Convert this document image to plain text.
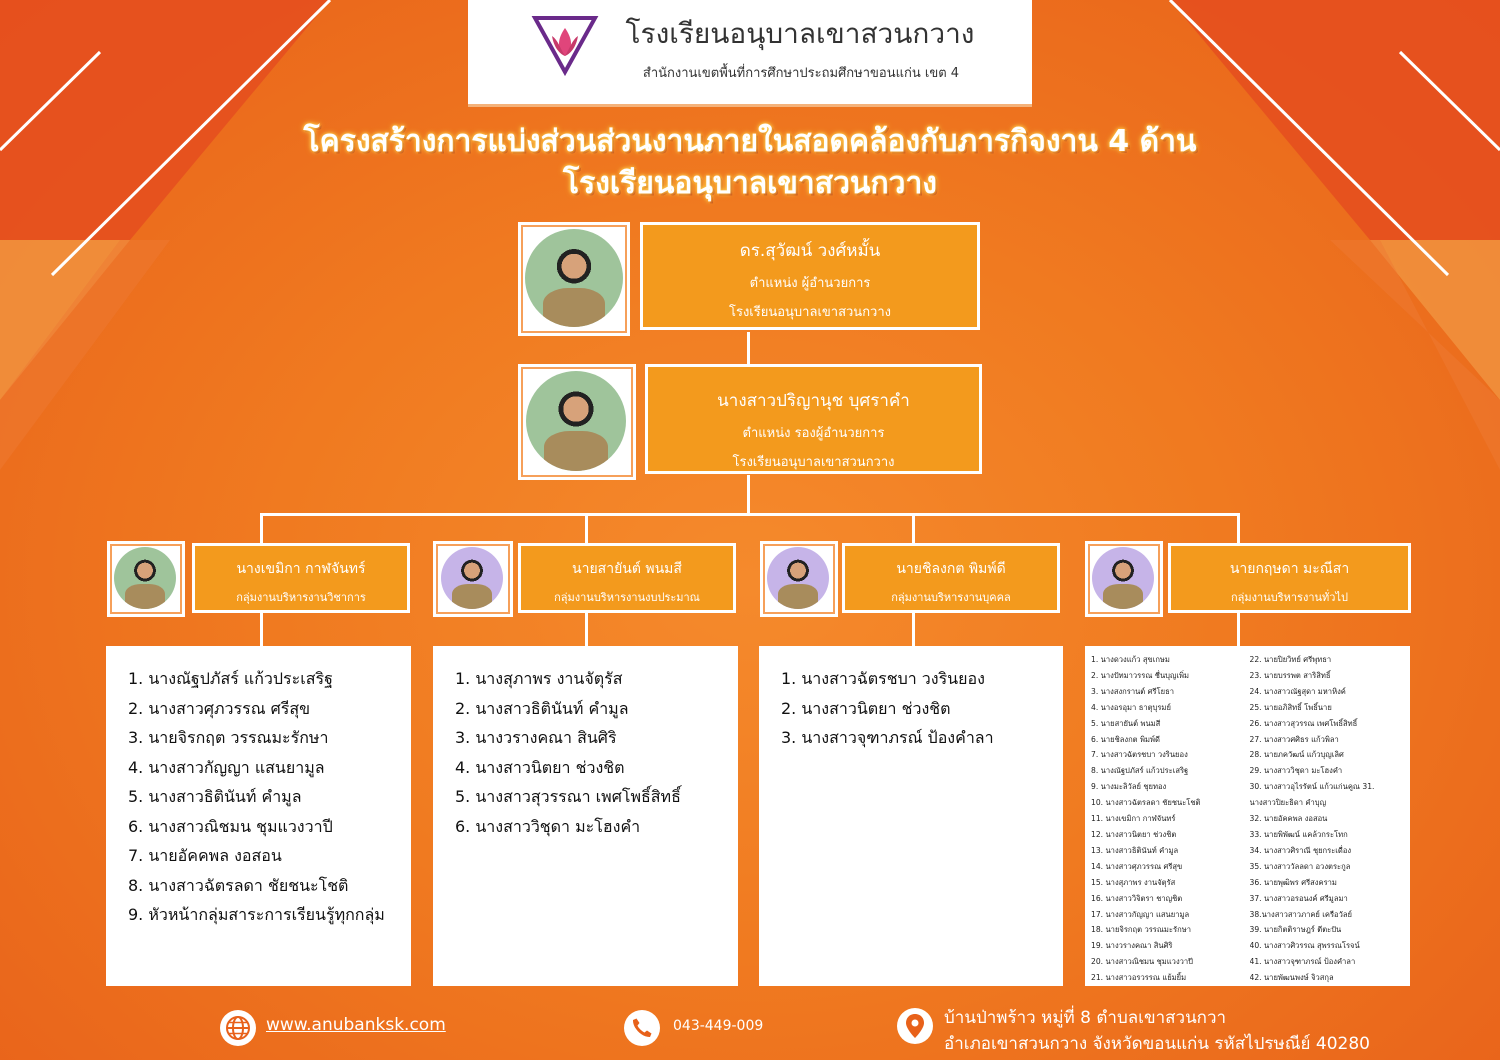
โรงเรียนอนุบาลเขาสวนกวาง
สำนักงานเขตพื้นที่การศึกษาประถมศึกษาขอนแก่น เขต 4
โครงสร้างการแบ่งส่วนส่วนงานภายในสอดคล้องกับภารกิจงาน 4 ด้าน
โรงเรียนอนุบาลเขาสวนกวาง
ดร.สุวัฒน์ วงศ์หมั้น
ตำแหน่ง ผู้อำนวยการ
โรงเรียนอนุบาลเขาสวนกวาง
นางสาวปริญานุช บุศราคำ
ตำแหน่ง รองผู้อำนวยการ
โรงเรียนอนุบาลเขาสวนกวาง
นางเขมิกา กาฬจันทร์
กลุ่มงานบริหารงานวิชาการ
นายสายันต์ พนมสี
กลุ่มงานบริหารงานงบประมาณ
นายชิลงกต พิมพ์ดี
กลุ่มงานบริหารงานบุคคล
นายกฤษดา มะณีสา
กลุ่มงานบริหารงานทั่วไป
1. นางณัฐปภัสร์ แก้วประเสริฐ
2. นางสาวศุภวรรณ ศรีสุข
3. นายจิรกฤต วรรณมะรักษา
4. นางสาวกัญญา แสนยามูล
5. นางสาวธิตินันท์ คำมูล
6. นางสาวณิชมน ชุมแวงวาปี
7. นายอัคคพล งอสอน
8. นางสาวฉัตรลดา ชัยชนะโชติ
9. หัวหน้ากลุ่มสาระการเรียนรู้ทุกกลุ่ม
1. นางสุภาพร งานจัตุรัส
2. นางสาวธิตินันท์ คำมูล
3. นางวรางคณา สินศิริ
4. นางสาวนิตยา ช่วงชิต
5. นางสาวสุวรรณา เพศโพธิ์สิทธิ์
6. นางสาววิชุดา มะโฮงคำ
1. นางสาวฉัตรชบา วงรินยอง
2. นางสาวนิตยา ช่วงชิต
3. นางสาวจุฑาภรณ์ ป้องคำลา
1. นางดวงแก้ว สุขเกษม
2. นางปัทมาวรรณ ชื่นบุญเพิ่ม
3. นางสงกรานต์ ศรีโยธา
4. นางอรอุมา ธาตุบุรมย์
5. นายสายันต์ พนมสี
6. นายชิลงกต พิมพ์ดี
7. นางสาวฉัตรชบา วงรินยอง
8. นางณัฐปภัสร์ แก้วประเสริฐ
9. นางมะลิวัลย์ ชุยทอง
10. นางสาวฉัตรลดา ชัยชนะโชติ
11. นางเขมิกา กาฬจันทร์
12. นางสาวนิตยา ช่วงชิต
13. นางสาวธิตินันท์ คำมูล
14. นางสาวศุภวรรณ ศรีสุข
15. นางสุภาพร งานจัตุรัส
16. นางสาววิจิตรา ชาญชิต
17. นางสาวกัญญา แสนยามูล
18. นายจิรกฤต วรรณมะรักษา
19. นางวรางคณา สินศิริ
20. นางสาวณิชมน ชุมแวงวาปี
21. นางสาวอรวรรณ แย้มยิ้ม
22. นายปิยวิทย์ ศรีพุทธา
23. นายบรรพต สาริสิทธิ์
24. นางสาวณัฐสุดา มหาหิงค์
25. นายอภิสิทธิ์ โพธิ์นาย
26. นางสาวสุวรรณ เพศโพธิ์สิทธิ์
27. นางสาวศศิธร แก้วพิลา
28. นายภควัฒน์ แก้วบุญเลิศ
29. นางสาววิชุดา มะโฮงคำ
30. นางสาวอุไรรัตน์ แก้วแก่นคูณ 31.
นางสาวปิยะธิดา คำบุญ
32. นายอัคคพล งอสอน
33. นายพิพัฒน์ แคล้วกระโทก
34. นางสาวศิราณี ชุยกระเดื่อง
35. นางสาววัลลดา อวงตระกูล
36. นายพุฒิพร ศรีสงคราม
37. นางสาวอรอนงค์ ศรีมูลมา
38.นางสาวสาวภาคย์ เครือวัลย์
39. นายกิตติราษฎร์ ตีตะปัน
40. นางสาวศิวรรณ สุพรรณโรจน์
41. นางสาวจุฑาภรณ์ ป้องคำลา
42. นายพัฒนพงษ์ จิวสกุล
www.anubanksk.com	043-449-009	บ้านป่าพร้าว หมู่ที่ 8 ตำบลเขาสวนกวา
อำเภอเขาสวนกวาง จังหวัดขอนแก่น รหัสไปรษณีย์ 40280
